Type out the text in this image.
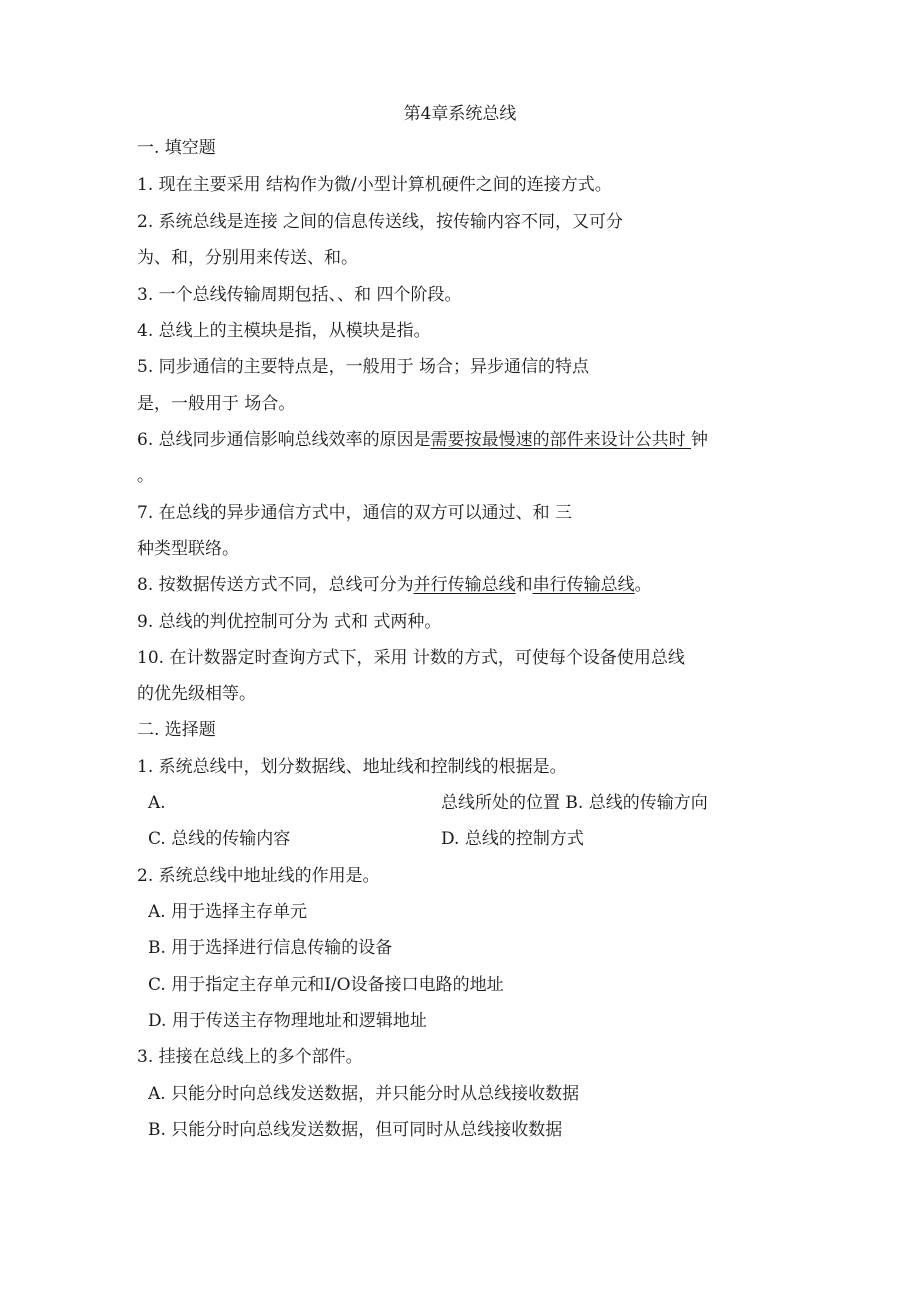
第4章系统总线
一. 填空题
1. 现在主要采用 结构作为微/小型计算机硬件之间的连接方式。
2. 系统总线是连接 之间的信息传送线，按传输内容不同，又可分
为、和，分别用来传送、和。
3. 一个总线传输周期包括、、和 四个阶段。
4. 总线上的主模块是指，从模块是指。
5. 同步通信的主要特点是，一般用于 场合；异步通信的特点
是，一般用于 场合。
6. 总线同步通信影响总线效率的原因是需要按最慢速的部件来设计公共时 钟
。
7. 在总线的异步通信方式中，通信的双方可以通过、和 三
种类型联络。
8. 按数据传送方式不同，总线可分为并行传输总线和串行传输总线。
9. 总线的判优控制可分为 式和 式两种。
10. 在计数器定时查询方式下，采用 计数的方式，可使每个设备使用总线
的优先级相等。
二. 选择题
1. 系统总线中，划分数据线、地址线和控制线的根据是。
A.	总线所处的位置 B. 总线的传输方向
C. 总线的传输内容	D. 总线的控制方式
2. 系统总线中地址线的作用是。
A. 用于选择主存单元
B. 用于选择进行信息传输的设备
C. 用于指定主存单元和I/O设备接口电路的地址
D. 用于传送主存物理地址和逻辑地址
3. 挂接在总线上的多个部件。
A. 只能分时向总线发送数据，并只能分时从总线接收数据
B. 只能分时向总线发送数据，但可同时从总线接收数据
